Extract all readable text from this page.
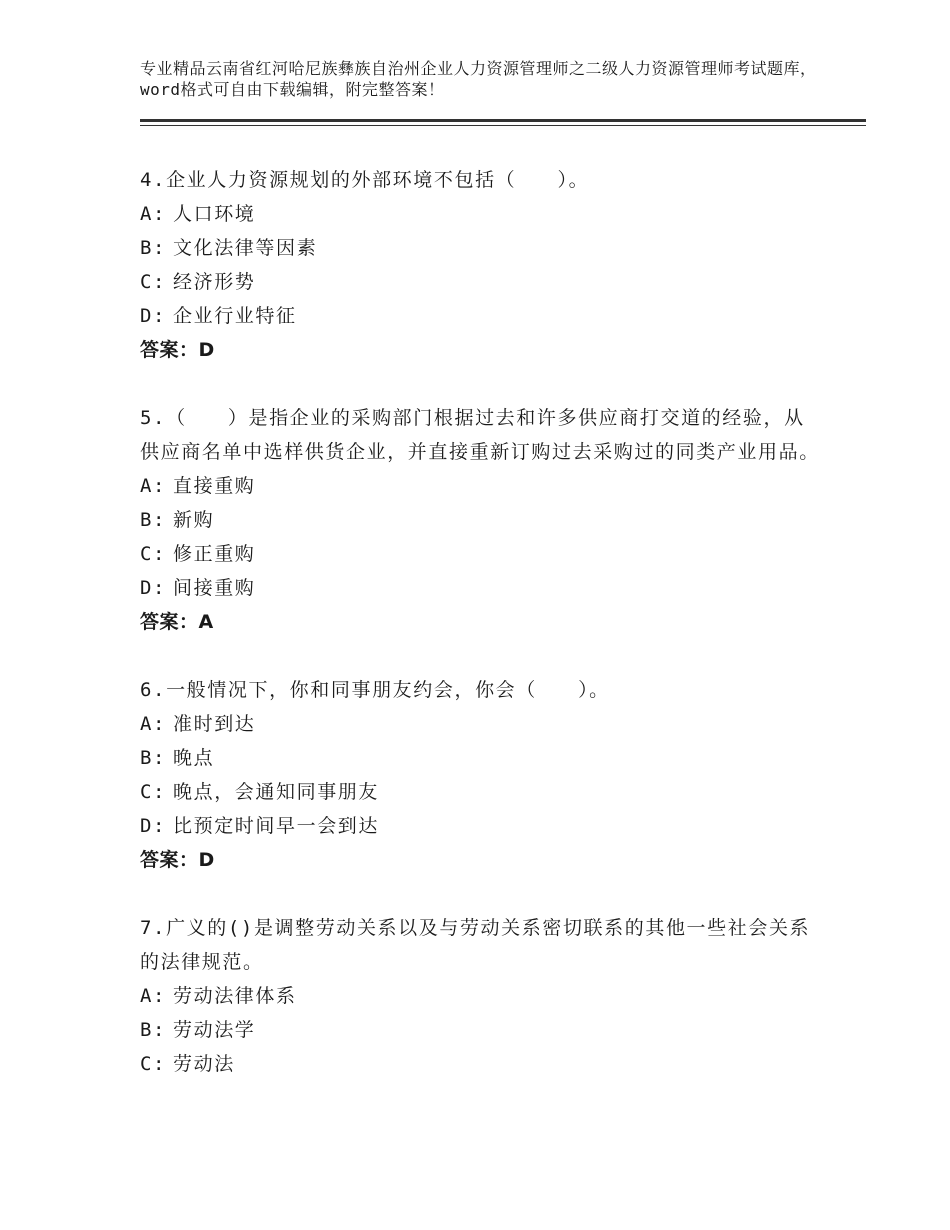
专业精品云南省红河哈尼族彝族自治州企业人力资源管理师之二级人力资源管理师考试题库，word格式可自由下载编辑，附完整答案！
4.企业人力资源规划的外部环境不包括（　　）。
A: 人口环境
B: 文化法律等因素
C: 经济形势
D: 企业行业特征
答案：D
5.（　　）是指企业的采购部门根据过去和许多供应商打交道的经验，从供应商名单中选样供货企业，并直接重新订购过去采购过的同类产业用品。
A: 直接重购
B: 新购
C: 修正重购
D: 间接重购
答案：A
6.一般情况下，你和同事朋友约会，你会（　　）。
A: 准时到达
B: 晚点
C: 晚点，会通知同事朋友
D: 比预定时间早一会到达
答案：D
7.广义的()是调整劳动关系以及与劳动关系密切联系的其他一些社会关系的法律规范。
A: 劳动法律体系
B: 劳动法学
C: 劳动法
